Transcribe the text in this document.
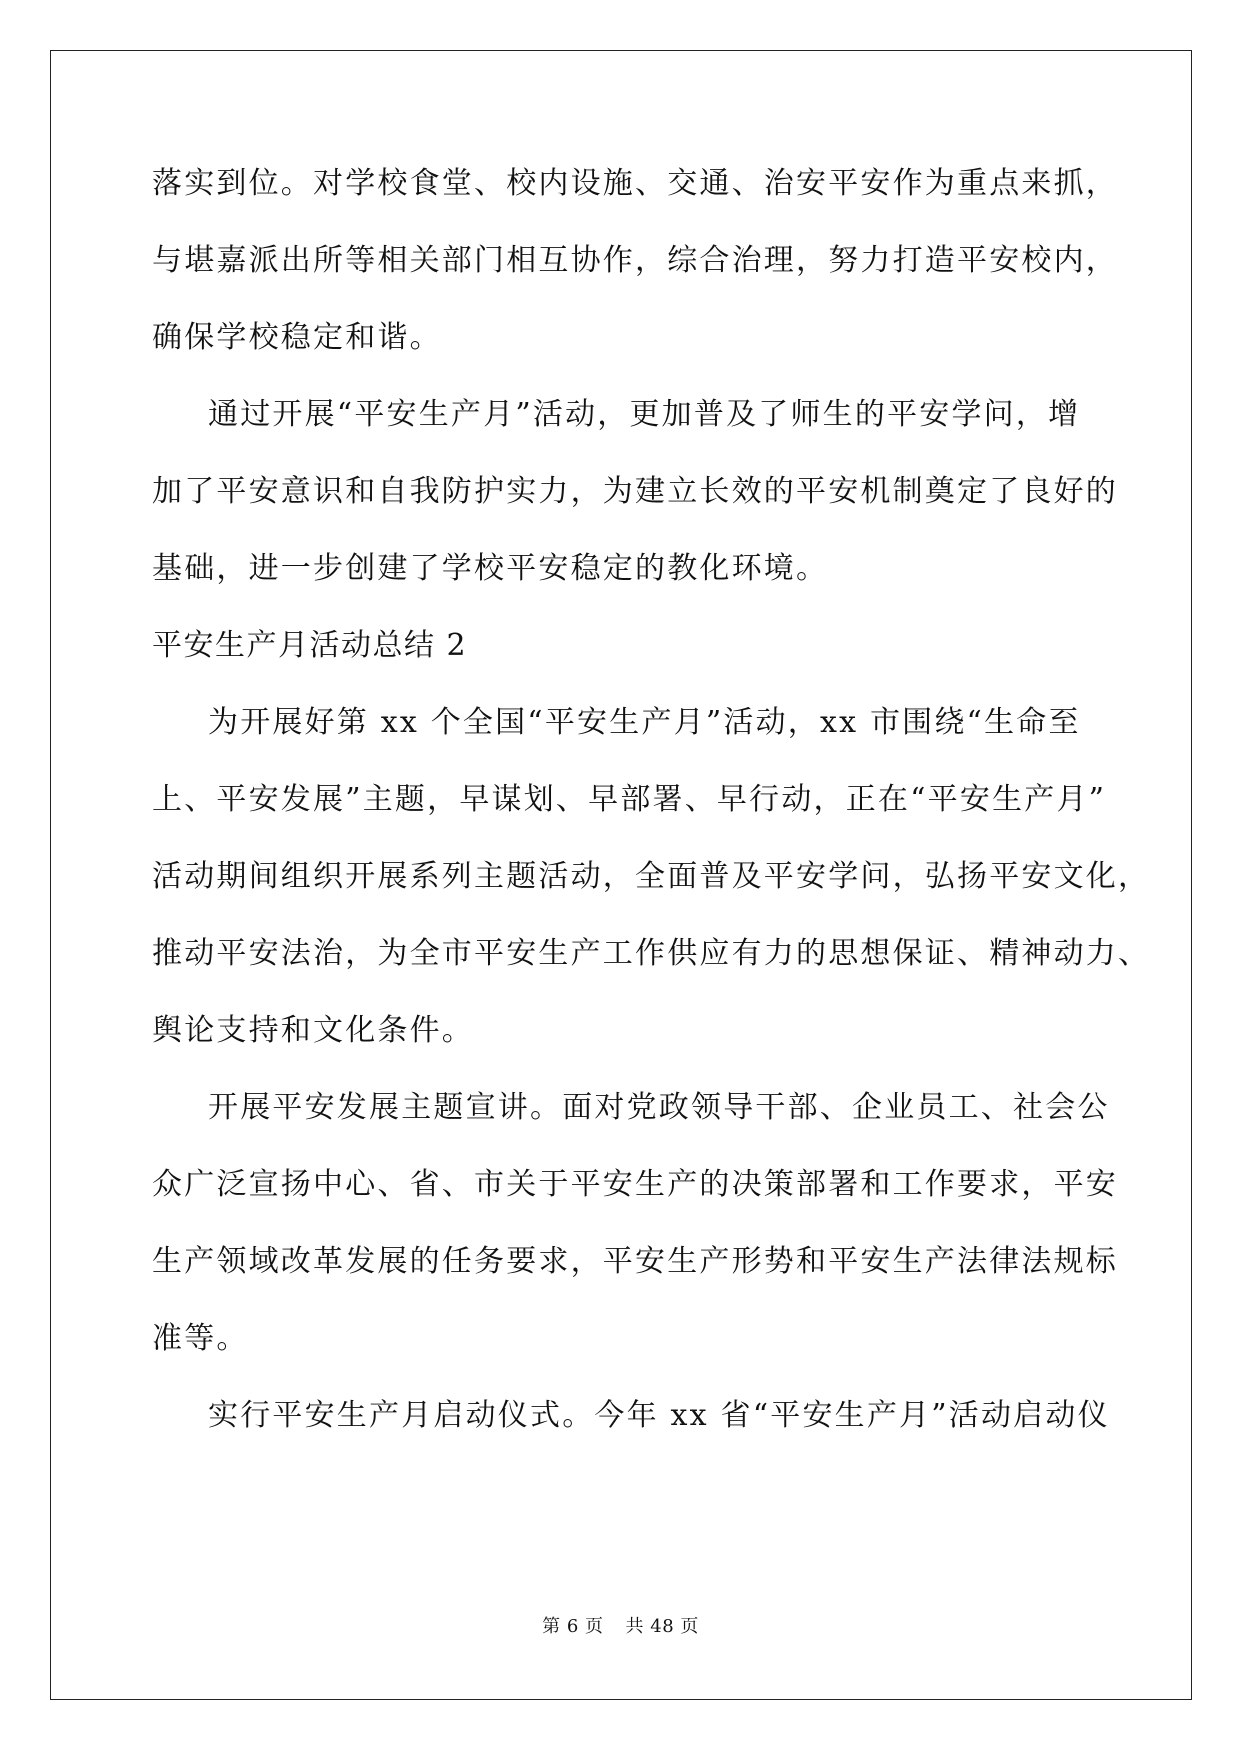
落实到位。对学校食堂、校内设施、交通、治安平安作为重点来抓，
与堪嘉派出所等相关部门相互协作，综合治理，努力打造平安校内，
确保学校稳定和谐。
通过开展“平安生产月”活动，更加普及了师生的平安学问，增
加了平安意识和自我防护实力，为建立长效的平安机制奠定了良好的
基础，进一步创建了学校平安稳定的教化环境。
平安生产月活动总结 2
为开展好第 xx 个全国“平安生产月”活动，xx 市围绕“生命至
上、平安发展”主题，早谋划、早部署、早行动，正在“平安生产月”
活动期间组织开展系列主题活动，全面普及平安学问，弘扬平安文化，
推动平安法治，为全市平安生产工作供应有力的思想保证、精神动力、
舆论支持和文化条件。
开展平安发展主题宣讲。面对党政领导干部、企业员工、社会公
众广泛宣扬中心、省、市关于平安生产的决策部署和工作要求，平安
生产领域改革发展的任务要求，平安生产形势和平安生产法律法规标
准等。
实行平安生产月启动仪式。今年 xx 省“平安生产月”活动启动仪
第 6 页 共 48 页
